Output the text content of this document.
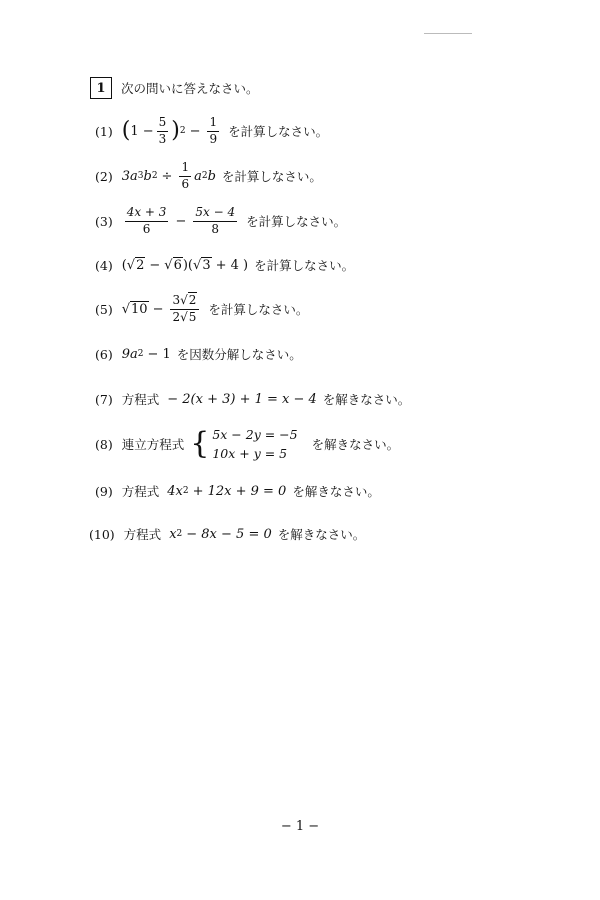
1 次の問いに答えなさい。
(1) ( $1 - \frac{5}{3}$ ) $2 - \frac{1}{9}$ を計算しなさい。
(2) 3a 3 b $2 \div \frac{1}{6}$ a 2 b を計算しなさい。
$(3) \frac{4x + 3}{6} - \frac{5x - 4}{8}$ を計算しなさい。
(4) ( √2 − √6 )( √3 + 4 ) を計算しなさい。
(5) $√10 - \frac{3√2}{2√5}$ を計算しなさい。
(6) 9a 2 − 1 を因数分解しなさい。
(7) 方程式 − 2(x + 3) + 1 = x − 4 を解きなさい。
(8) 連立方程式 { 5x − 2y = −5
10x + y = 5
を解きなさい。
(9) 方程式 4x 2 + 12x + 9 = 0 を解きなさい。
(10) 方程式 x 2 − 8x − 5 = 0 を解きなさい。
− 1 −
